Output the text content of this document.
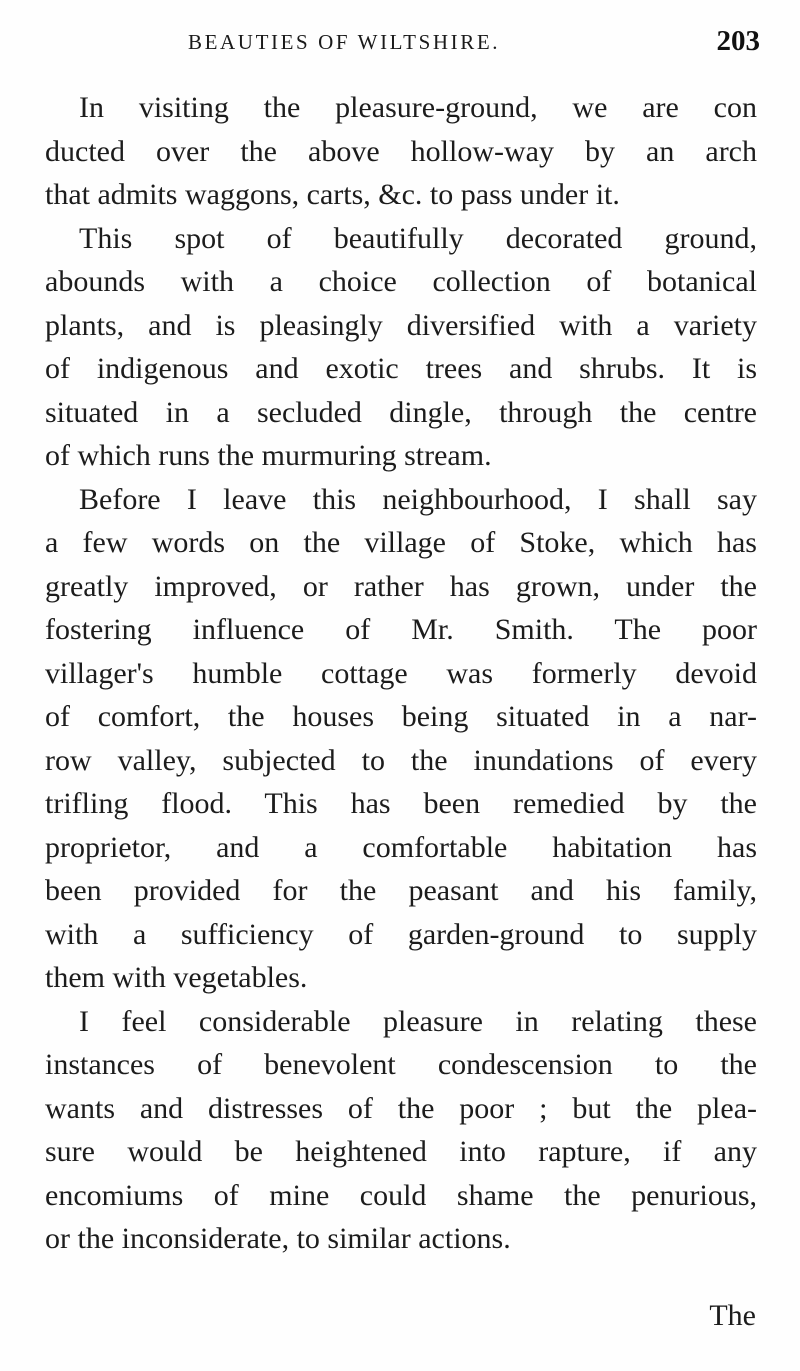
BEAUTIES OF WILTSHIRE.	203

In visiting the pleasure-ground, we are con
ducted over the above hollow-way by an arch
that admits waggons, carts, &c. to pass under it.

This spot of beautifully decorated ground,
abounds with a choice collection of botanical
plants, and is pleasingly diversified with a variety
of indigenous and exotic trees and shrubs. It is
situated in a secluded dingle, through the centre
of which runs the murmuring stream.

Before I leave this neighbourhood, I shall say
a few words on the village of Stoke, which has
greatly improved, or rather has grown, under the
fostering influence of Mr. Smith. The poor
villager's humble cottage was formerly devoid
of comfort, the houses being situated in a nar-
row valley, subjected to the inundations of every
trifling flood. This has been remedied by the
proprietor, and a comfortable habitation has
been provided for the peasant and his family,
with a sufficiency of garden-ground to supply
them with vegetables.

I feel considerable pleasure in relating these
instances of benevolent condescension to the
wants and distresses of the poor ; but the plea-
sure would be heightened into rapture, if any
encomiums of mine could shame the penurious,
or the inconsiderate, to similar actions.

The
